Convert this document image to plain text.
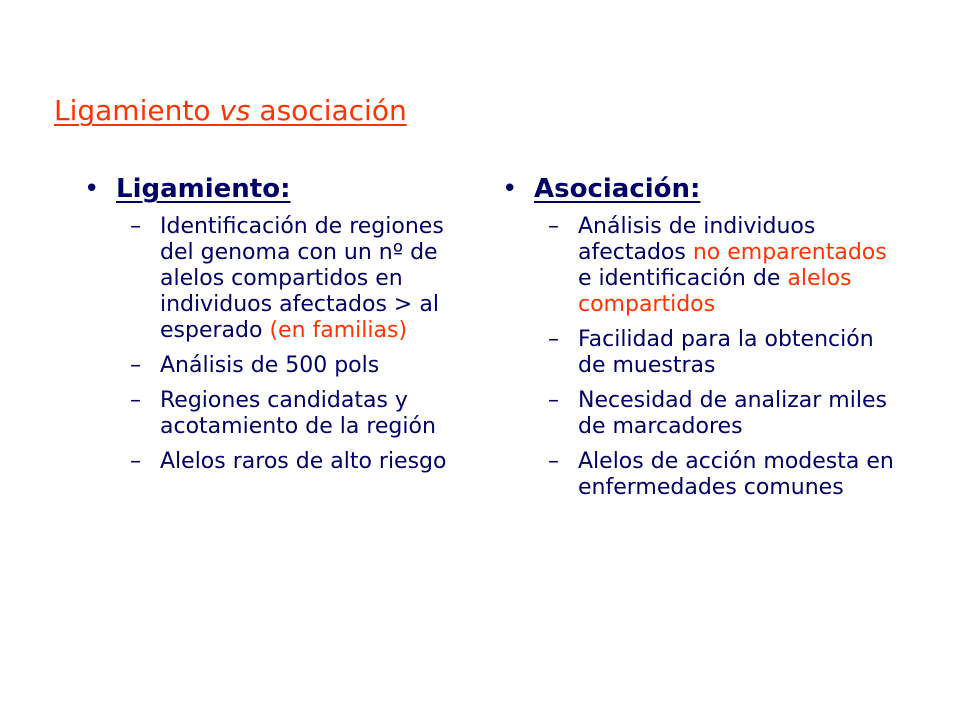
Ligamiento vs asociación
• Ligamiento:
– Identificación de regiones del genoma con un nº de alelos compartidos en individuos afectados > al esperado (en familias)
– Análisis de 500 pols
– Regiones candidatas y acotamiento de la región
– Alelos raros de alto riesgo
• Asociación:
– Análisis de individuos afectados no emparentados e identificación de alelos compartidos
– Facilidad para la obtención de muestras
– Necesidad de analizar miles de marcadores
– Alelos de acción modesta en enfermedades comunes
